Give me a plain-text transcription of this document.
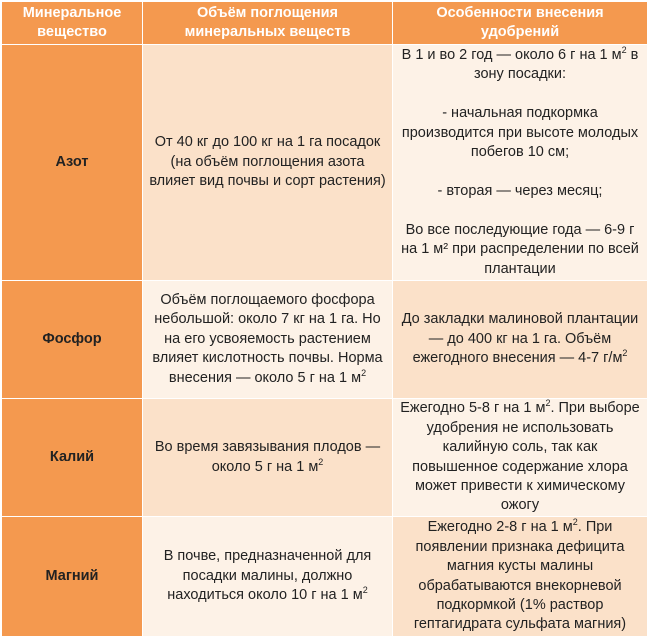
Минеральное вещество	Объём поглощения минеральных веществ	Особенности внесения удобрений
Азот	От 40 кг до 100 кг на 1 га посадок (на объём поглощения азота влияет вид почвы и сорт растения)	В 1 и во 2 год — около 6 г на 1 $м^2$ в зону посадки:
- начальная подкормка производится при высоте молодых побегов 10 см;
- вторая — через месяц;
Во все последующие года — 6-9 г на 1 м² при распределении по всей плантации
Фосфор	Объём поглощаемого фосфора небольшой: около 7 кг на 1 га. Но на его усвояемость растением влияет кислотность почвы. Норма внесения — около 5 г на 1 $м^2$	До закладки малиновой плантации — до 400 кг на 1 га. Объём ежегодного внесения — 4-7 $г/м^2$
Калий	Во время завязывания плодов — около 5 г на 1 $м^2$	Ежегодно 5-8 г на 1 $м^2$. При выборе удобрения не использовать калийную соль, так как повышенное содержание хлора может привести к химическому ожогу
Магний	В почве, предназначенной для посадки малины, должно находиться около 10 г на 1 $м^2$	Ежегодно 2-8 г на 1 $м^2$. При появлении признака дефицита магния кусты малины обрабатываются внекорневой подкормкой (1% раствор гептагидрата сульфата магния)
